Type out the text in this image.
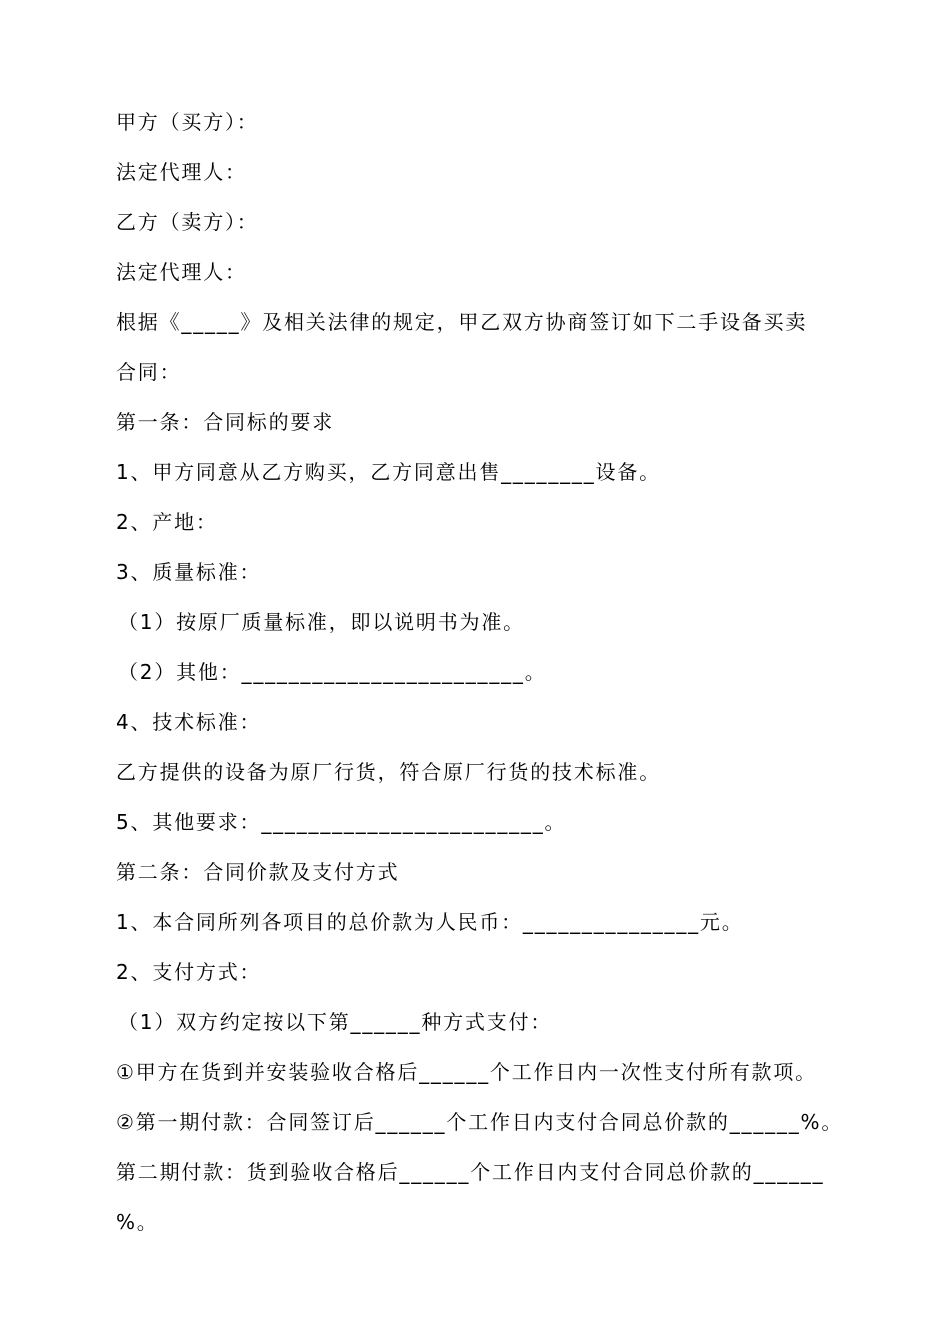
甲方（买方）：
法定代理人：
乙方（卖方）：
法定代理人：
根据《_____》及相关法律的规定，甲乙双方协商签订如下二手设备买卖
合同：
第一条：合同标的要求
1、甲方同意从乙方购买，乙方同意出售________设备。
2、产地：
3、质量标准：
（1）按原厂质量标准，即以说明书为准。
（2）其他：________________________。
4、技术标准：
乙方提供的设备为原厂行货，符合原厂行货的技术标准。
5、其他要求：________________________。
第二条：合同价款及支付方式
1、本合同所列各项目的总价款为人民币：_______________元。
2、支付方式：
（1）双方约定按以下第______种方式支付：
①甲方在货到并安装验收合格后______个工作日内一次性支付所有款项。
②第一期付款：合同签订后______个工作日内支付合同总价款的______%。
第二期付款：货到验收合格后______个工作日内支付合同总价款的______
%。
